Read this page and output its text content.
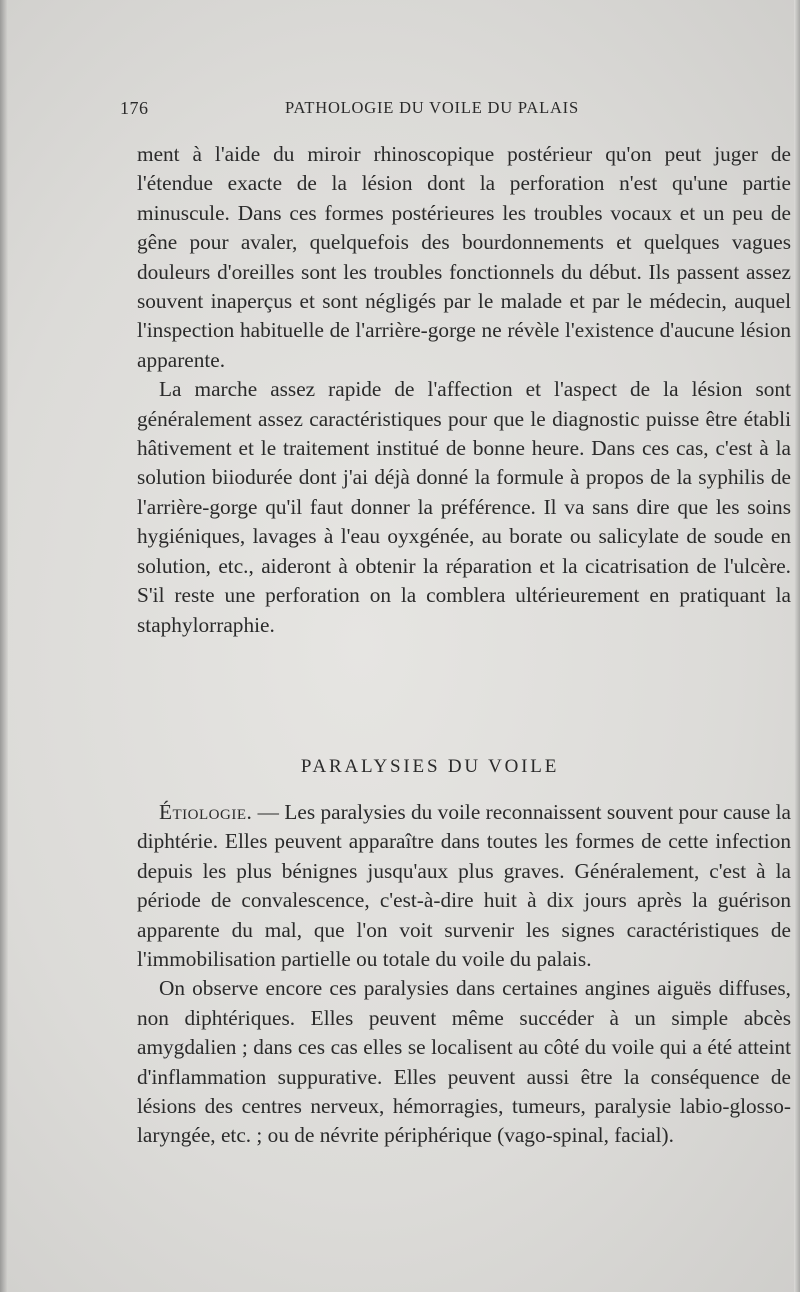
176	PATHOLOGIE DU VOILE DU PALAIS

ment à l'aide du miroir rhinoscopique postérieur qu'on peut juger de l'étendue exacte de la lésion dont la perforation n'est qu'une partie minuscule. Dans ces formes postérieures les troubles vocaux et un peu de gêne pour avaler, quelquefois des bourdonnements et quelques vagues douleurs d'oreilles sont les troubles fonctionnels du début. Ils passent assez souvent inaperçus et sont négligés par le malade et par le médecin, auquel l'inspection habituelle de l'arrière-gorge ne révèle l'existence d'aucune lésion apparente.

La marche assez rapide de l'affection et l'aspect de la lésion sont généralement assez caractéristiques pour que le diagnostic puisse être établi hâtivement et le traitement institué de bonne heure. Dans ces cas, c'est à la solution biiodurée dont j'ai déjà donné la formule à propos de la syphilis de l'arrière-gorge qu'il faut donner la préférence. Il va sans dire que les soins hygiéniques, lavages à l'eau oyxgénée, au borate ou salicylate de soude en solution, etc., aideront à obtenir la réparation et la cicatrisation de l'ulcère. S'il reste une perforation on la comblera ultérieurement en pratiquant la staphylorraphie.

PARALYSIES DU VOILE

Étiologie. — Les paralysies du voile reconnaissent souvent pour cause la diphtérie. Elles peuvent apparaître dans toutes les formes de cette infection depuis les plus bénignes jusqu'aux plus graves. Généralement, c'est à la période de convalescence, c'est-à-dire huit à dix jours après la guérison apparente du mal, que l'on voit survenir les signes caractéristiques de l'immobilisation partielle ou totale du voile du palais.

On observe encore ces paralysies dans certaines angines aiguës diffuses, non diphtériques. Elles peuvent même succéder à un simple abcès amygdalien ; dans ces cas elles se localisent au côté du voile qui a été atteint d'inflammation suppurative. Elles peuvent aussi être la conséquence de lésions des centres nerveux, hémorragies, tumeurs, paralysie labio-glosso-laryngée, etc. ; ou de névrite périphérique (vago-spinal, facial).
